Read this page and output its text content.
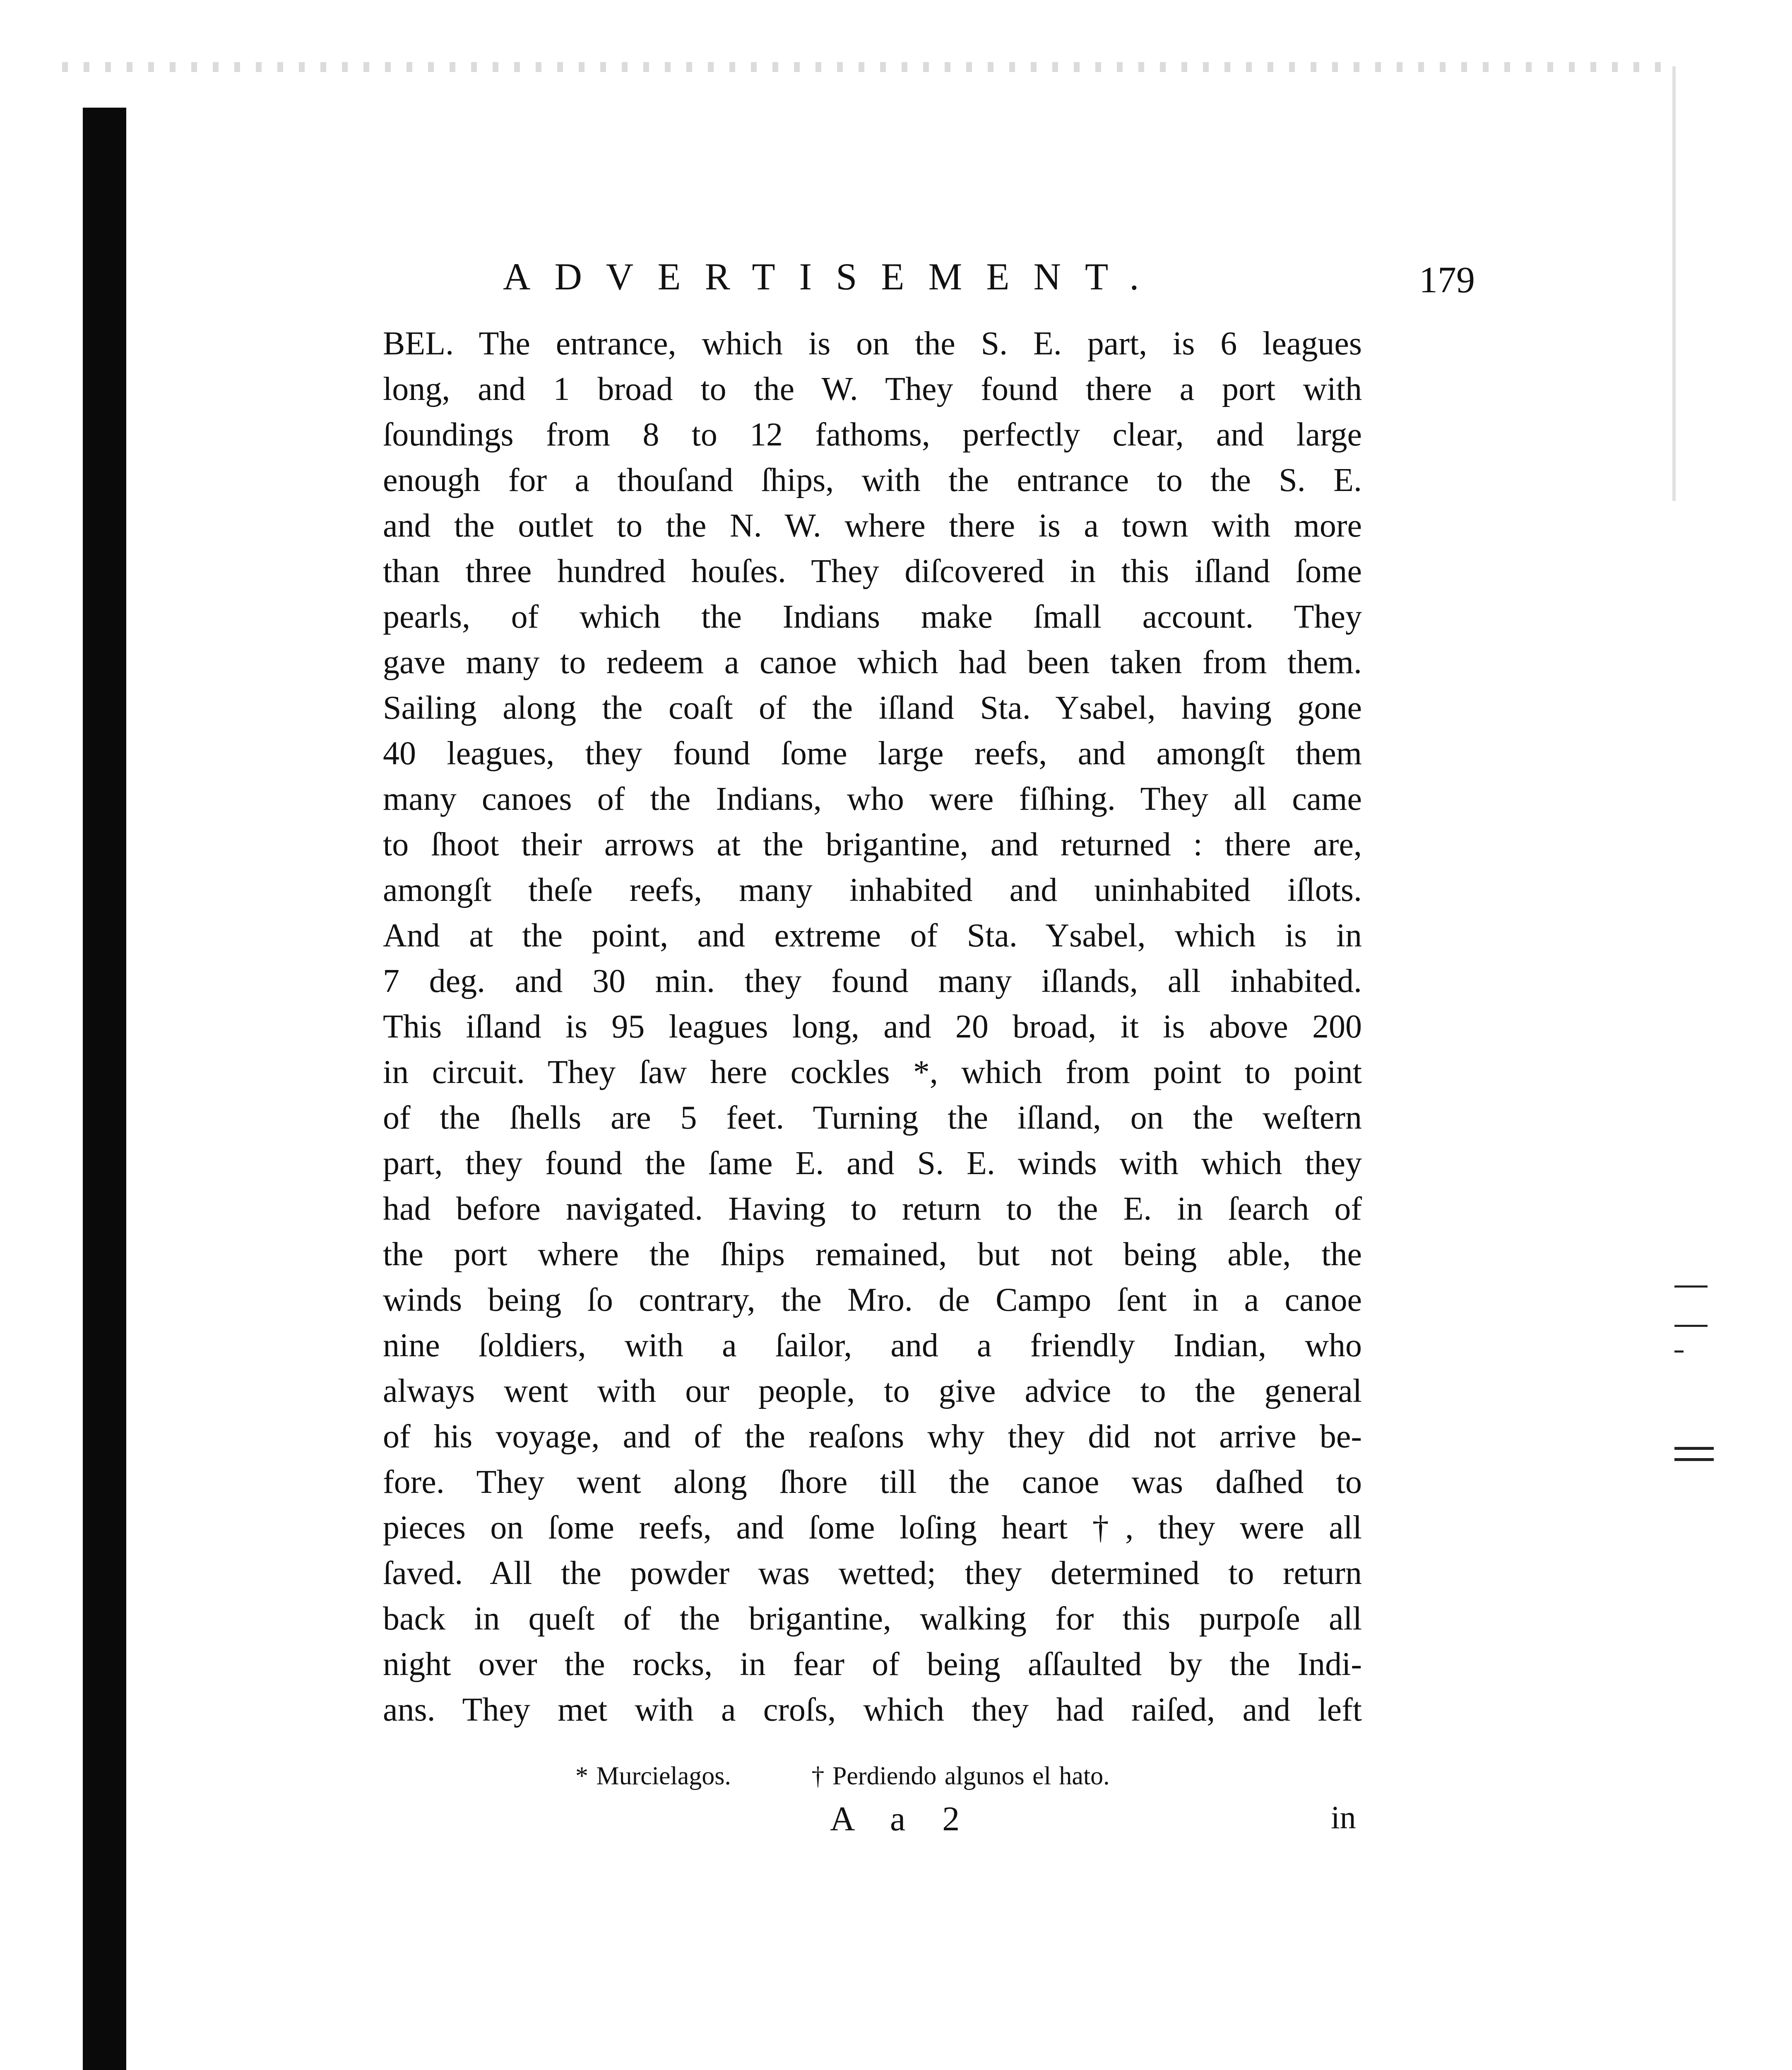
ADVERTISEMENT.	179
BEL. The entrance, which is on the S. E. part, is 6 leagues
long, and 1 broad to the W. They found there a port with
ſoundings from 8 to 12 fathoms, perfectly clear, and large
enough for a thouſand ſhips, with the entrance to the S. E.
and the outlet to the N. W. where there is a town with more
than three hundred houſes. They diſcovered in this iſland ſome
pearls, of which the Indians make ſmall account. They
gave many to redeem a canoe which had been taken from them.
Sailing along the coaſt of the iſland Sta. Ysabel, having gone
40 leagues, they found ſome large reefs, and amongſt them
many canoes of the Indians, who were fiſhing. They all came
to ſhoot their arrows at the brigantine, and returned : there are,
amongſt theſe reefs, many inhabited and uninhabited iſlots.
And at the point, and extreme of Sta. Ysabel, which is in
7 deg. and 30 min. they found many iſlands, all inhabited.
This iſland is 95 leagues long, and 20 broad, it is above 200
in circuit. They ſaw here cockles *, which from point to point
of the ſhells are 5 feet. Turning the iſland, on the weſtern
part, they found the ſame E. and S. E. winds with which they
had before navigated. Having to return to the E. in ſearch of
the port where the ſhips remained, but not being able, the
winds being ſo contrary, the Mro. de Campo ſent in a canoe
nine ſoldiers, with a ſailor, and a friendly Indian, who
always went with our people, to give advice to the general
of his voyage, and of the reaſons why they did not arrive be-
fore. They went along ſhore till the canoe was daſhed to
pieces on ſome reefs, and ſome loſing heart †, they were all
ſaved. All the powder was wetted; they determined to return
back in queſt of the brigantine, walking for this purpoſe all
night over the rocks, in fear of being aſſaulted by the Indi-
ans. They met with a croſs, which they had raiſed, and left
* Murcielagos.	† Perdiendo algunos el hato.
A a 2	in
